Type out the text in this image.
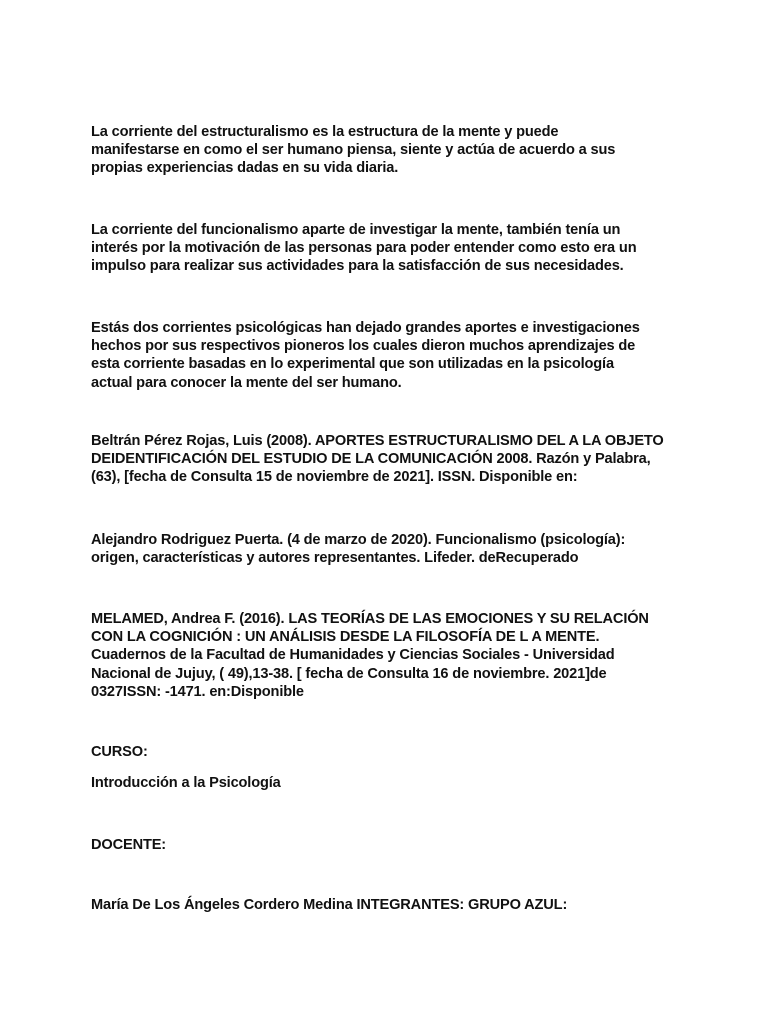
La corriente del estructuralismo es la estructura de la mente y puede
manifestarse en como el ser humano piensa, siente y actúa de acuerdo a sus
propias experiencias dadas en su vida diaria.

La corriente del funcionalismo aparte de investigar la mente, también tenía un
interés por la motivación de las personas para poder entender como esto era un
impulso para realizar sus actividades para la satisfacción de sus necesidades.

Estás dos corrientes psicológicas han dejado grandes aportes e investigaciones
hechos por sus respectivos pioneros los cuales dieron muchos aprendizajes de
esta corriente basadas en lo experimental que son utilizadas en la psicología
actual para conocer la mente del ser humano.

Beltrán Pérez Rojas, Luis (2008). APORTES ESTRUCTURALISMO DEL A LA OBJETO
DEIDENTIFICACIÓN DEL ESTUDIO DE LA COMUNICACIÓN 2008. Razón y Palabra,
(63), [fecha de Consulta 15 de noviembre de 2021]. ISSN. Disponible en:

Alejandro Rodriguez Puerta. (4 de marzo de 2020). Funcionalismo (psicología):
origen, características y autores representantes. Lifeder. deRecuperado

MELAMED, Andrea F. (2016). LAS TEORÍAS DE LAS EMOCIONES Y SU RELACIÓN
CON LA COGNICIÓN : UN ANÁLISIS DESDE LA FILOSOFÍA DE L A MENTE.
Cuadernos de la Facultad de Humanidades y Ciencias Sociales - Universidad
Nacional de Jujuy, ( 49),13-38. [ fecha de Consulta 16 de noviembre. 2021]de
0327ISSN: -1471. en:Disponible

CURSO:

Introducción a la Psicología

DOCENTE:

María De Los Ángeles Cordero Medina INTEGRANTES: GRUPO AZUL:
